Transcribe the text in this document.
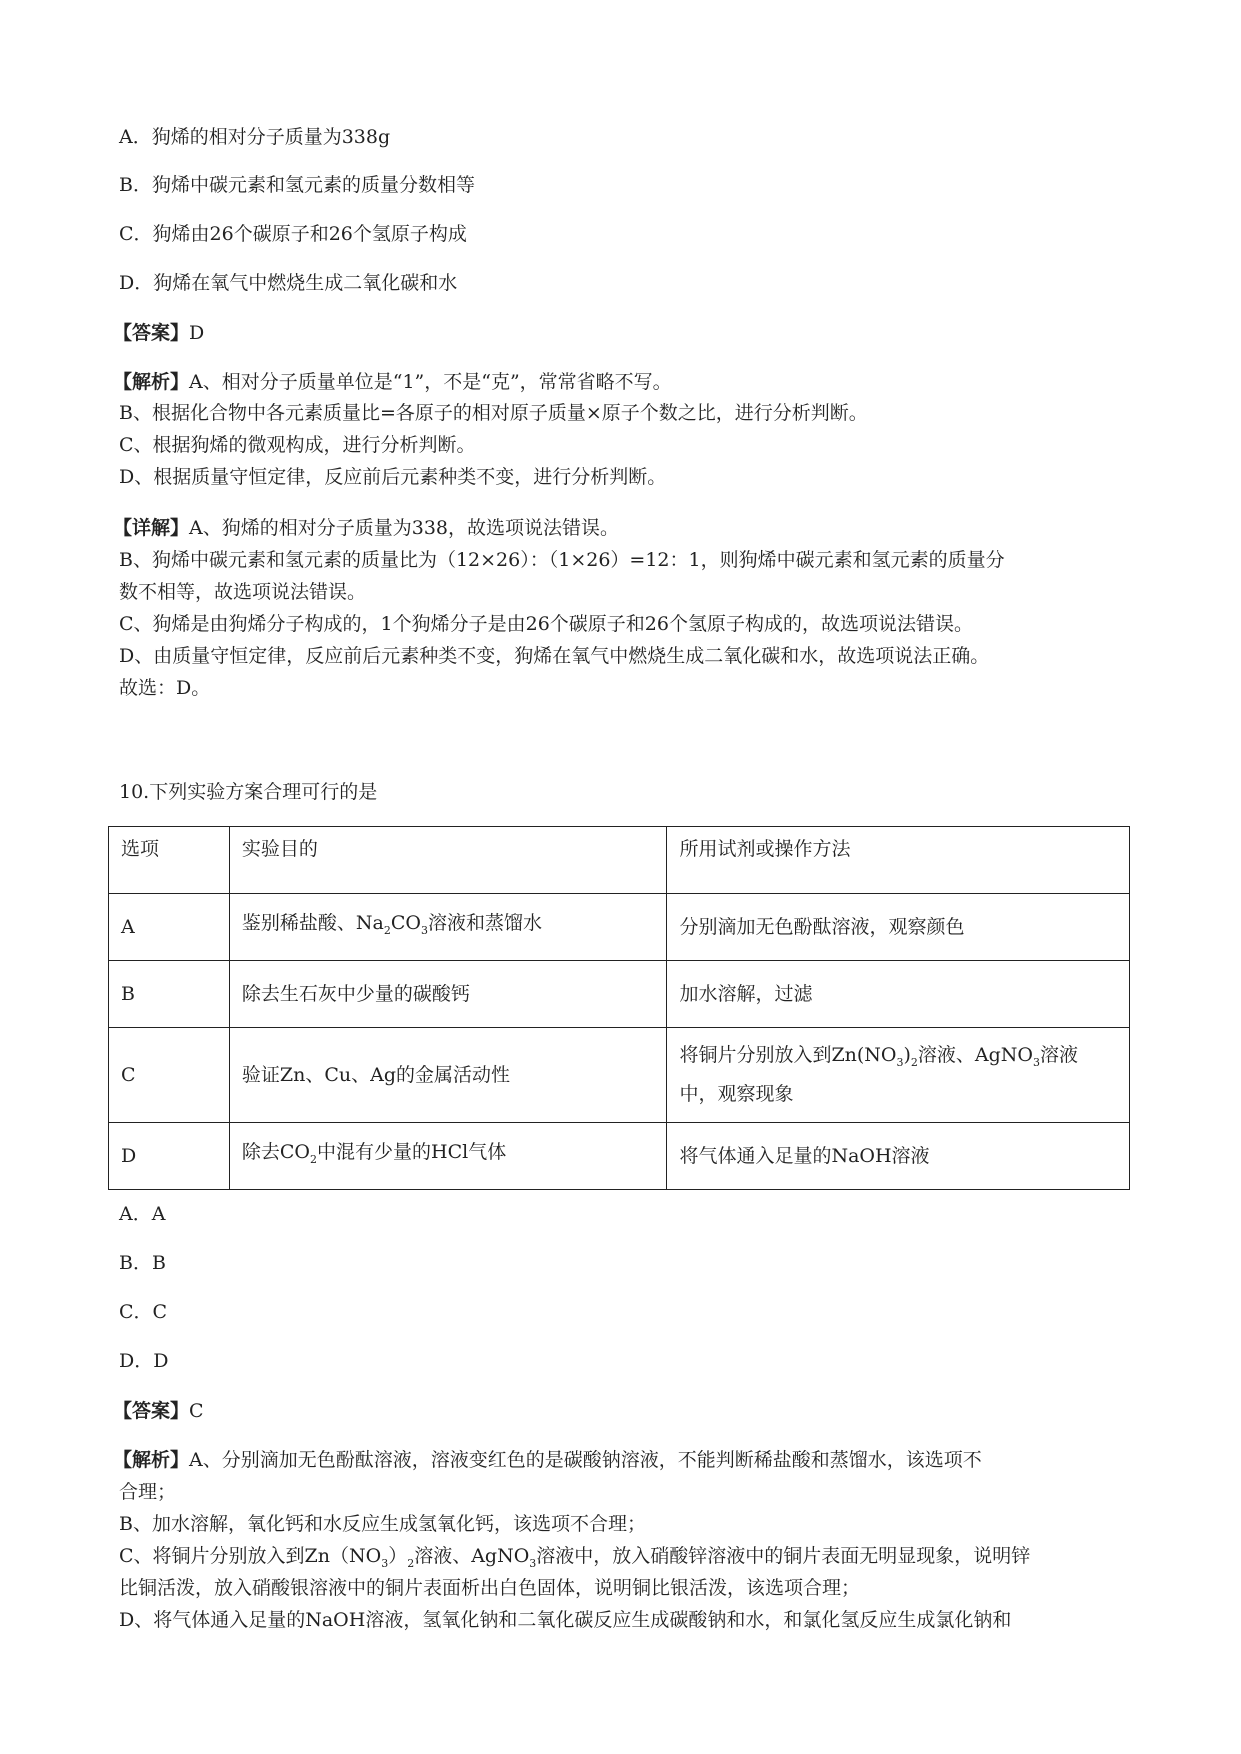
A．狗烯的相对分子质量为338g
B．狗烯中碳元素和氢元素的质量分数相等
C．狗烯由26个碳原子和26个氢原子构成
D．狗烯在氧气中燃烧生成二氧化碳和水
【答案】D
【解析】A、相对分子质量单位是“1”，不是“克”，常常省略不写。
B、根据化合物中各元素质量比=各原子的相对原子质量×原子个数之比，进行分析判断。
C、根据狗烯的微观构成，进行分析判断。
D、根据质量守恒定律，反应前后元素种类不变，进行分析判断。
【详解】A、狗烯的相对分子质量为338，故选项说法错误。
B、狗烯中碳元素和氢元素的质量比为（12×26）：（1×26）=12：1，则狗烯中碳元素和氢元素的质量分
数不相等，故选项说法错误。
C、狗烯是由狗烯分子构成的，1个狗烯分子是由26个碳原子和26个氢原子构成的，故选项说法错误。
D、由质量守恒定律，反应前后元素种类不变，狗烯在氧气中燃烧生成二氧化碳和水，故选项说法正确。
故选：D。
10.下列实验方案合理可行的是
选项	实验目的	所用试剂或操作方法
A	鉴别稀盐酸、$Na_2CO_3$溶液和蒸馏水	分别滴加无色酚酞溶液，观察颜色
B	除去生石灰中少量的碳酸钙	加水溶解，过滤
C	验证Zn、Cu、Ag的金属活动性	将铜片分别放入到$Zn(NO_3)_2$溶液、AgNO$_3$溶液
中，观察现象
D	除去$CO_2$中混有少量的HCl气体	将气体通入足量的NaOH溶液
A．A
B．B
C．C
D．D
【答案】C
【解析】A、分别滴加无色酚酞溶液，溶液变红色的是碳酸钠溶液，不能判断稀盐酸和蒸馏水，该选项不
合理；
B、加水溶解，氧化钙和水反应生成氢氧化钙，该选项不合理；
C、将铜片分别放入到$Zn(NO_3)_2$溶液、AgNO$_3$溶液中，放入硝酸锌溶液中的铜片表面无明显现象，说明锌
比铜活泼，放入硝酸银溶液中的铜片表面析出白色固体，说明铜比银活泼，该选项合理；
D、将气体通入足量的NaOH溶液，氢氧化钠和二氧化碳反应生成碳酸钠和水，和氯化氢反应生成氯化钠和
